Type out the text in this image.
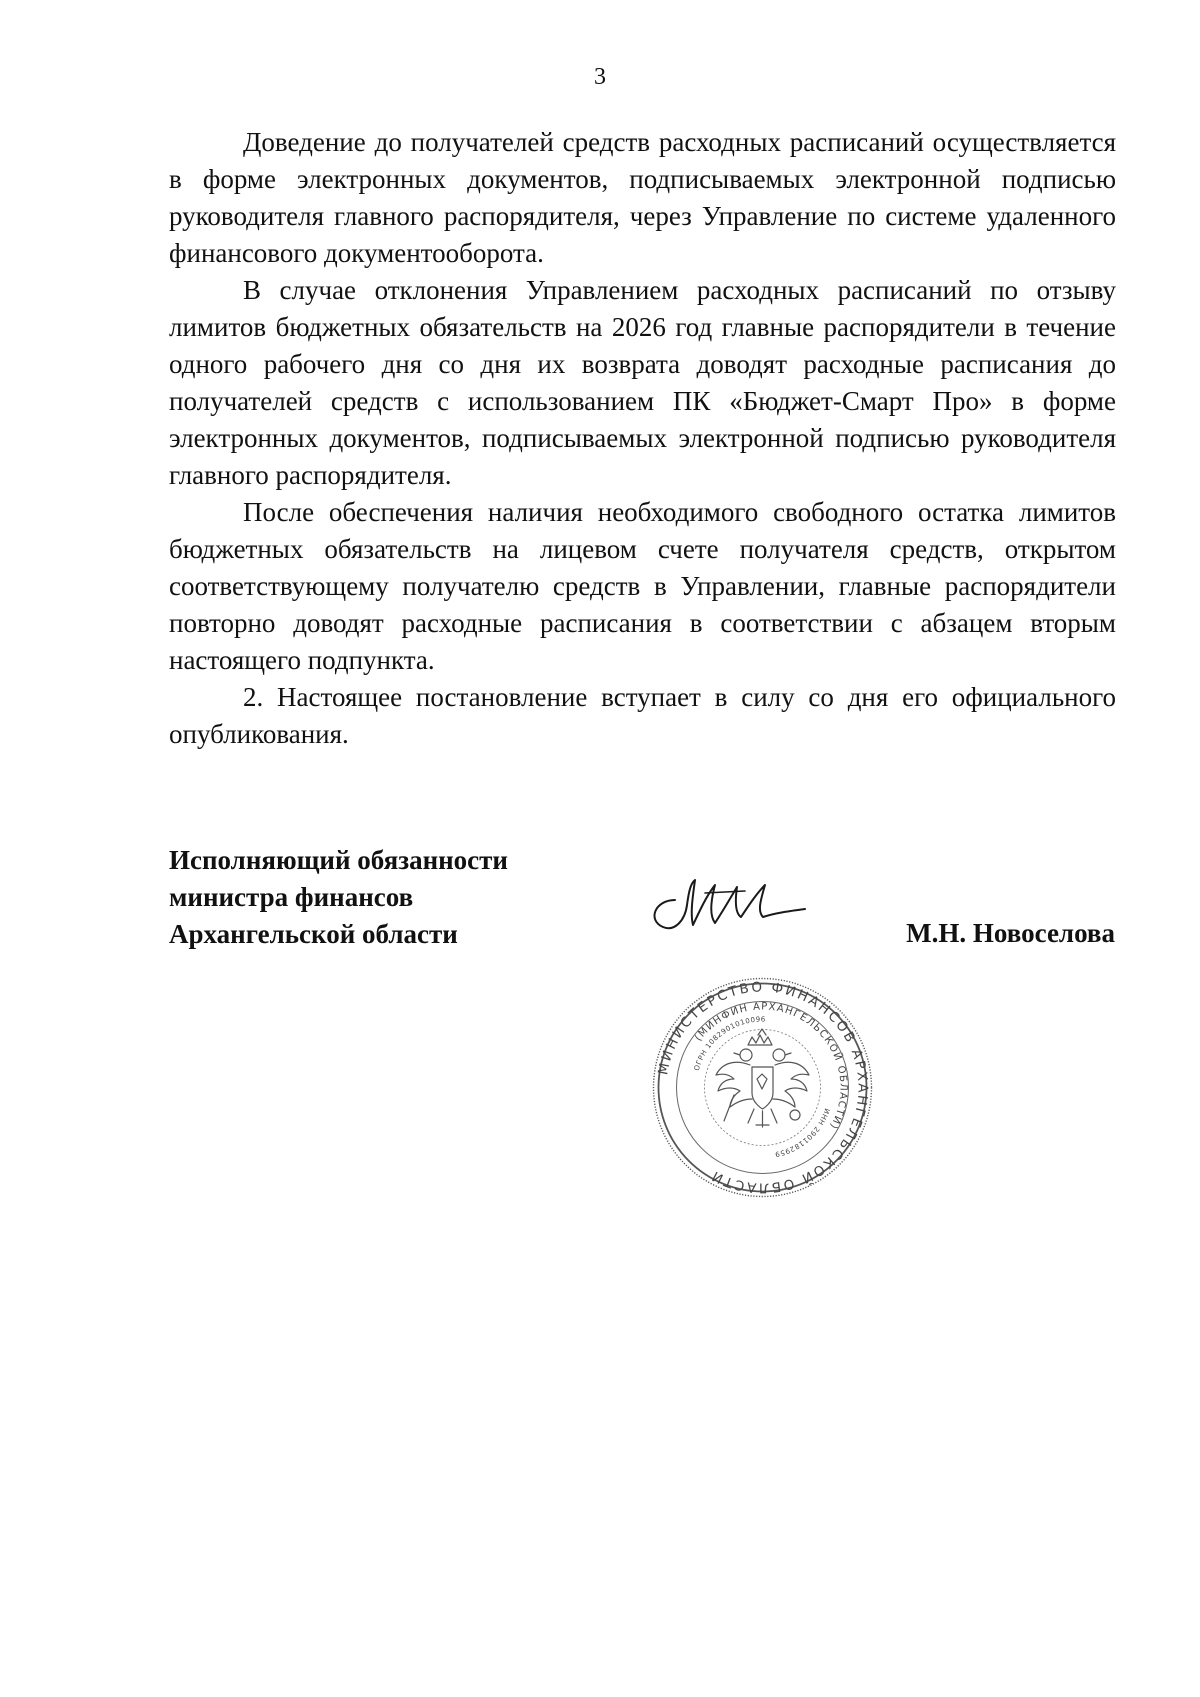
3

Доведение до получателей средств расходных расписаний осуществляется в форме электронных документов, подписываемых электронной подписью руководителя главного распорядителя, через Управление по системе удаленного финансового документооборота.

В случае отклонения Управлением расходных расписаний по отзыву лимитов бюджетных обязательств на 2026 год главные распорядители в течение одного рабочего дня со дня их возврата доводят расходные расписания до получателей средств с использованием ПК «Бюджет-Смарт Про» в форме электронных документов, подписываемых электронной подписью руководителя главного распорядителя.

После обеспечения наличия необходимого свободного остатка лимитов бюджетных обязательств на лицевом счете получателя средств, открытом соответствующему получателю средств в Управлении, главные распорядители повторно доводят расходные расписания в соответствии с абзацем вторым настоящего подпункта.

2. Настоящее постановление вступает в силу со дня его официального опубликования.

Исполняющий обязанности
министра финансов
Архангельской области	М.Н. Новоселова
МИНИСТЕРСТВО ФИНАНСОВ АРХАНГЕЛЬСКОЙ ОБЛАСТИ
(МИНФИН АРХАНГЕЛЬСКОЙ ОБЛАСТИ)
ОГРН 1082901010096
ИНН 2901182959
